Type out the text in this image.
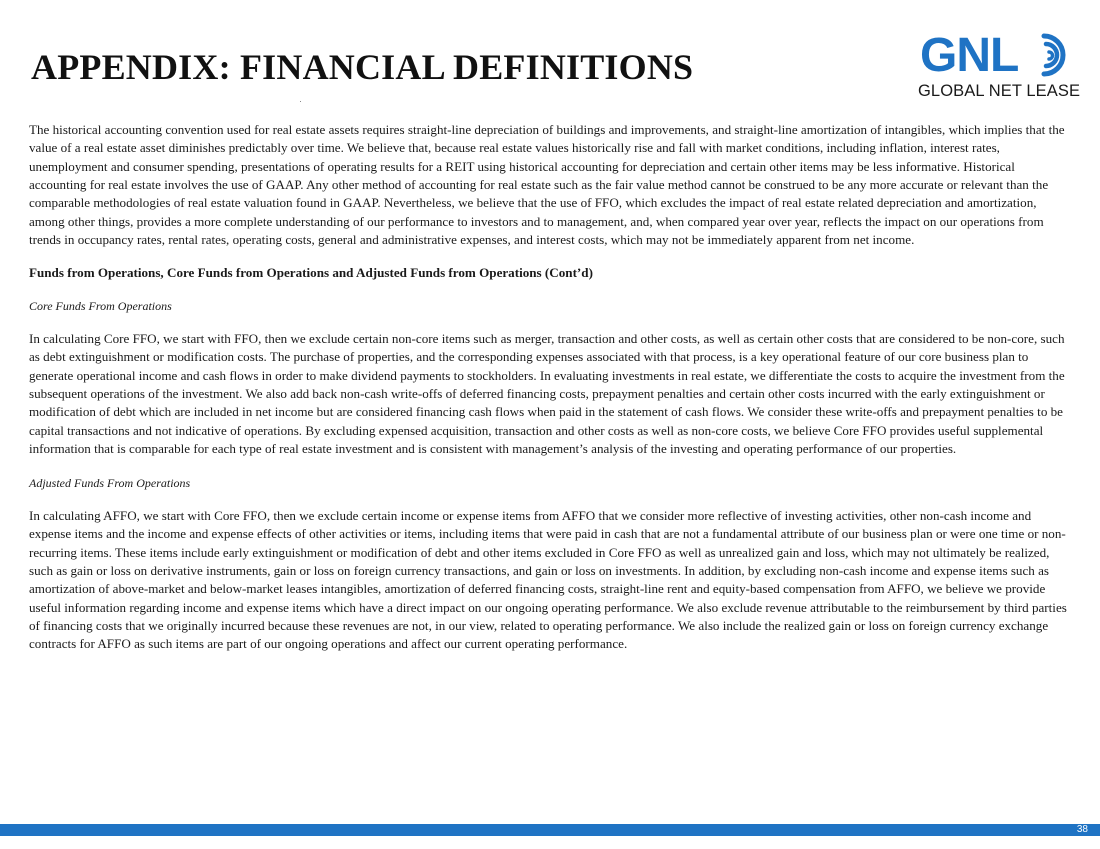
APPENDIX: FINANCIAL DEFINITIONS	GNL
GLOBAL NET LEASE

The historical accounting convention used for real estate assets requires straight-line depreciation of buildings and improvements, and straight-line amortization of intangibles, which implies that the value of a real estate asset diminishes predictably over time. We believe that, because real estate values historically rise and fall with market conditions, including inflation, interest rates, unemployment and consumer spending, presentations of operating results for a REIT using historical accounting for depreciation and certain other items may be less informative. Historical accounting for real estate involves the use of GAAP. Any other method of accounting for real estate such as the fair value method cannot be construed to be any more accurate or relevant than the comparable methodologies of real estate valuation found in GAAP. Nevertheless, we believe that the use of FFO, which excludes the impact of real estate related depreciation and amortization, among other things, provides a more complete understanding of our performance to investors and to management, and, when compared year over year, reflects the impact on our operations from trends in occupancy rates, rental rates, operating costs, general and administrative expenses, and interest costs, which may not be immediately apparent from net income.

Funds from Operations, Core Funds from Operations and Adjusted Funds from Operations (Cont’d)

Core Funds From Operations

In calculating Core FFO, we start with FFO, then we exclude certain non-core items such as merger, transaction and other costs, as well as certain other costs that are considered to be non-core, such as debt extinguishment or modification costs. The purchase of properties, and the corresponding expenses associated with that process, is a key operational feature of our core business plan to generate operational income and cash flows in order to make dividend payments to stockholders. In evaluating investments in real estate, we differentiate the costs to acquire the investment from the subsequent operations of the investment. We also add back non-cash write-offs of deferred financing costs, prepayment penalties and certain other costs incurred with the early extinguishment or modification of debt which are included in net income but are considered financing cash flows when paid in the statement of cash flows. We consider these write-offs and prepayment penalties to be capital transactions and not indicative of operations. By excluding expensed acquisition, transaction and other costs as well as non-core costs, we believe Core FFO provides useful supplemental information that is comparable for each type of real estate investment and is consistent with management’s analysis of the investing and operating performance of our properties.

Adjusted Funds From Operations

In calculating AFFO, we start with Core FFO, then we exclude certain income or expense items from AFFO that we consider more reflective of investing activities, other non-cash income and expense items and the income and expense effects of other activities or items, including items that were paid in cash that are not a fundamental attribute of our business plan or were one time or non-recurring items. These items include early extinguishment or modification of debt and other items excluded in Core FFO as well as unrealized gain and loss, which may not ultimately be realized, such as gain or loss on derivative instruments, gain or loss on foreign currency transactions, and gain or loss on investments. In addition, by excluding non-cash income and expense items such as amortization of above-market and below-market leases intangibles, amortization of deferred financing costs, straight-line rent and equity-based compensation from AFFO, we believe we provide useful information regarding income and expense items which have a direct impact on our ongoing operating performance. We also exclude revenue attributable to the reimbursement by third parties of financing costs that we originally incurred because these revenues are not, in our view, related to operating performance. We also include the realized gain or loss on foreign currency exchange contracts for AFFO as such items are part of our ongoing operations and affect our current operating performance.

38
